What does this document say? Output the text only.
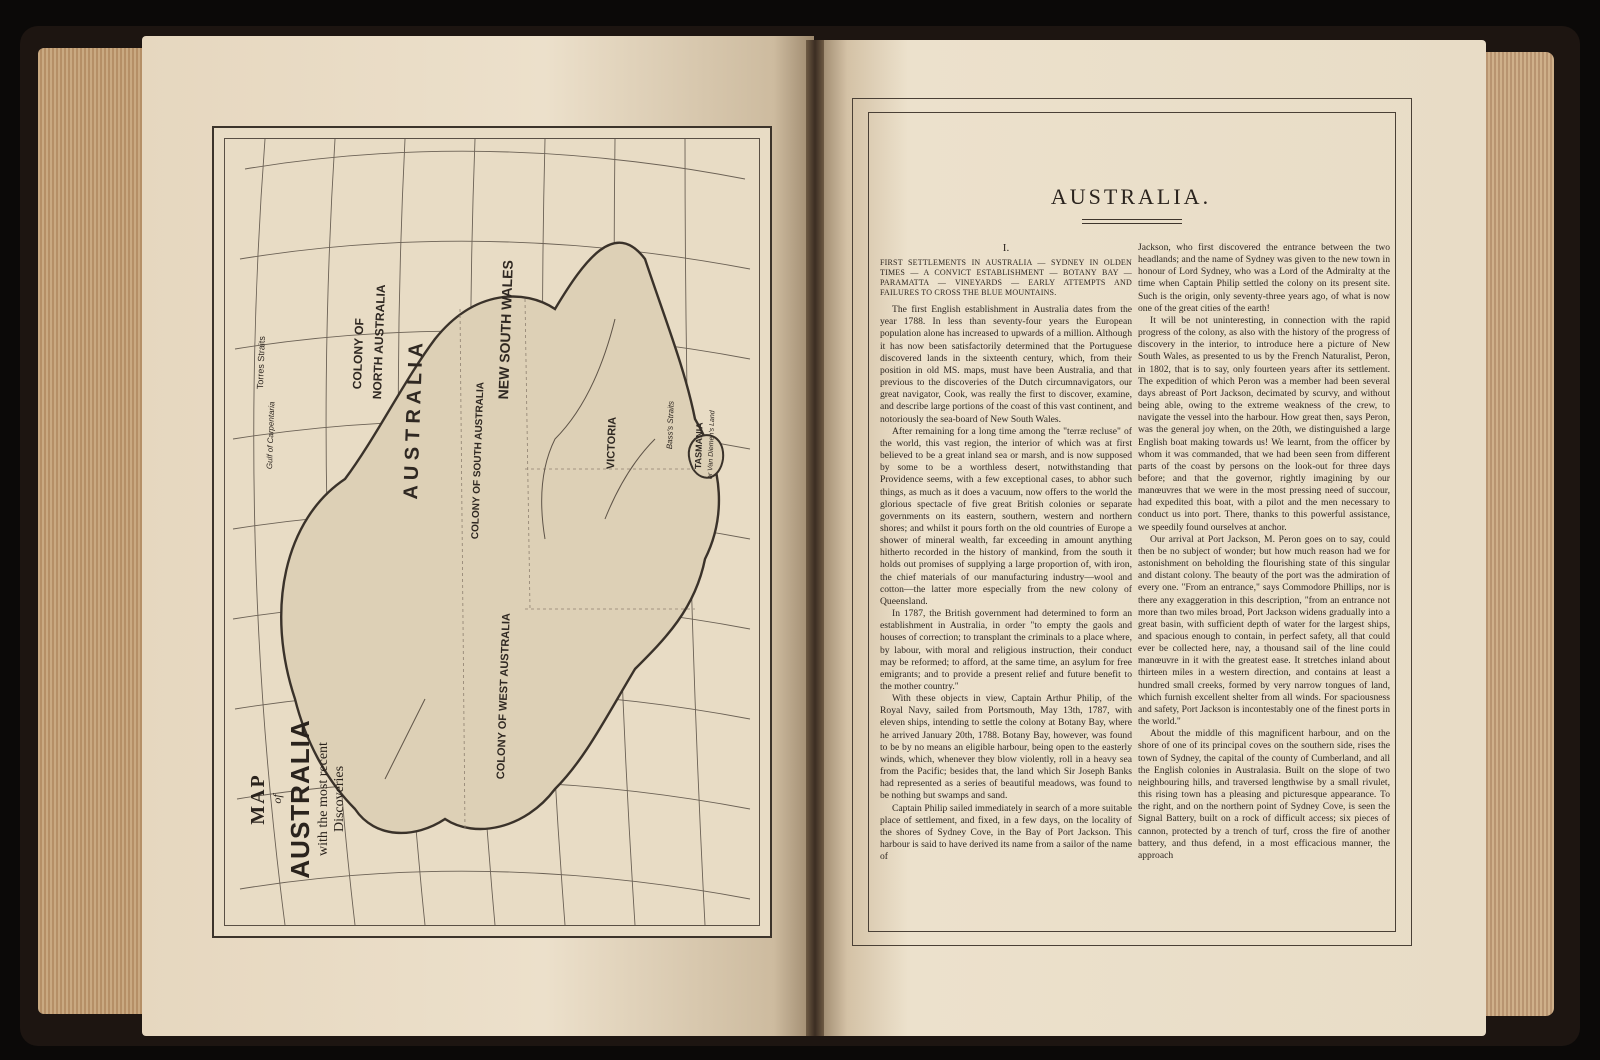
A U S T R A L I A
NORTH AUSTRALIA
COLONY OF
COLONY OF SOUTH AUSTRALIA
COLONY OF WEST AUSTRALIA
NEW SOUTH WALES
VICTORIA	TASMANIA or Van Diemen's Land
Gulf of Carpentaria
Torres Straits
Bass's Straits
MAP of AUSTRALIA with the most recent Discoveries
AUSTRALIA.

I.

FIRST SETTLEMENTS IN AUSTRALIA — SYDNEY IN OLDEN TIMES — A CONVICT ESTABLISHMENT — BOTANY BAY — PARAMATTA — VINEYARDS — EARLY ATTEMPTS AND FAILURES TO CROSS THE BLUE MOUNTAINS.

The first English establishment in Australia dates from the year 1788. In less than seventy-four years the European population alone has increased to upwards of a million. Although it has now been satisfactorily determined that the Portuguese discovered lands in the sixteenth century, which, from their position in old MS. maps, must have been Australia, and that previous to the discoveries of the Dutch circumnavigators, our great navigator, Cook, was really the first to discover, examine, and describe large portions of the coast of this vast continent, and notoriously the sea-board of New South Wales.

After remaining for a long time among the "terræ recluse" of the world, this vast region, the interior of which was at first believed to be a great inland sea or marsh, and is now supposed by some to be a worthless desert, notwithstanding that Providence seems, with a few exceptional cases, to abhor such things, as much as it does a vacuum, now offers to the world the glorious spectacle of five great British colonies or separate governments on its eastern, southern, western and northern shores; and whilst it pours forth on the old countries of Europe a shower of mineral wealth, far exceeding in amount anything hitherto recorded in the history of mankind, from the south it holds out promises of supplying a large proportion of, with iron, the chief materials of our manufacturing industry—wool and cotton—the latter more especially from the new colony of Queensland.

In 1787, the British government had determined to form an establishment in Australia, in order "to empty the gaols and houses of correction; to transplant the criminals to a place where, by labour, with moral and religious instruction, their conduct may be reformed; to afford, at the same time, an asylum for free emigrants; and to provide a present relief and future benefit to the mother country."

With these objects in view, Captain Arthur Philip, of the Royal Navy, sailed from Portsmouth, May 13th, 1787, with eleven ships, intending to settle the colony at Botany Bay, where he arrived January 20th, 1788. Botany Bay, however, was found to be by no means an eligible harbour, being open to the easterly winds, which, whenever they blow violently, roll in a heavy sea from the Pacific; besides that, the land which Sir Joseph Banks had represented as a series of beautiful meadows, was found to be nothing but swamps and sand.

Captain Philip sailed immediately in search of a more suitable place of settlement, and fixed, in a few days, on the locality of the shores of Sydney Cove, in the Bay of Port Jackson. This harbour is said to have derived its name from a sailor of the name of

Jackson, who first discovered the entrance between the two headlands; and the name of Sydney was given to the new town in honour of Lord Sydney, who was a Lord of the Admiralty at the time when Captain Philip settled the colony on its present site. Such is the origin, only seventy-three years ago, of what is now one of the great cities of the earth!

It will be not uninteresting, in connection with the rapid progress of the colony, as also with the history of the progress of discovery in the interior, to introduce here a picture of New South Wales, as presented to us by the French Naturalist, Peron, in 1802, that is to say, only fourteen years after its settlement. The expedition of which Peron was a member had been several days abreast of Port Jackson, decimated by scurvy, and without being able, owing to the extreme weakness of the crew, to navigate the vessel into the harbour. How great then, says Peron, was the general joy when, on the 20th, we distinguished a large English boat making towards us! We learnt, from the officer by whom it was commanded, that we had been seen from different parts of the coast by persons on the look-out for three days before; and that the governor, rightly imagining by our manœuvres that we were in the most pressing need of succour, had expedited this boat, with a pilot and the men necessary to conduct us into port. There, thanks to this powerful assistance, we speedily found ourselves at anchor.

Our arrival at Port Jackson, M. Peron goes on to say, could then be no subject of wonder; but how much reason had we for astonishment on beholding the flourishing state of this singular and distant colony. The beauty of the port was the admiration of every one. "From an entrance," says Commodore Phillips, nor is there any exaggeration in this description, "from an entrance not more than two miles broad, Port Jackson widens gradually into a great basin, with sufficient depth of water for the largest ships, and spacious enough to contain, in perfect safety, all that could ever be collected here, nay, a thousand sail of the line could manœuvre in it with the greatest ease. It stretches inland about thirteen miles in a western direction, and contains at least a hundred small creeks, formed by very narrow tongues of land, which furnish excellent shelter from all winds. For spaciousness and safety, Port Jackson is incontestably one of the finest ports in the world."

About the middle of this magnificent harbour, and on the shore of one of its principal coves on the southern side, rises the town of Sydney, the capital of the county of Cumberland, and all the English colonies in Australasia. Built on the slope of two neighbouring hills, and traversed lengthwise by a small rivulet, this rising town has a pleasing and picturesque appearance. To the right, and on the northern point of Sydney Cove, is seen the Signal Battery, built on a rock of difficult access; six pieces of cannon, protected by a trench of turf, cross the fire of another battery, and thus defend, in a most efficacious manner, the approach
